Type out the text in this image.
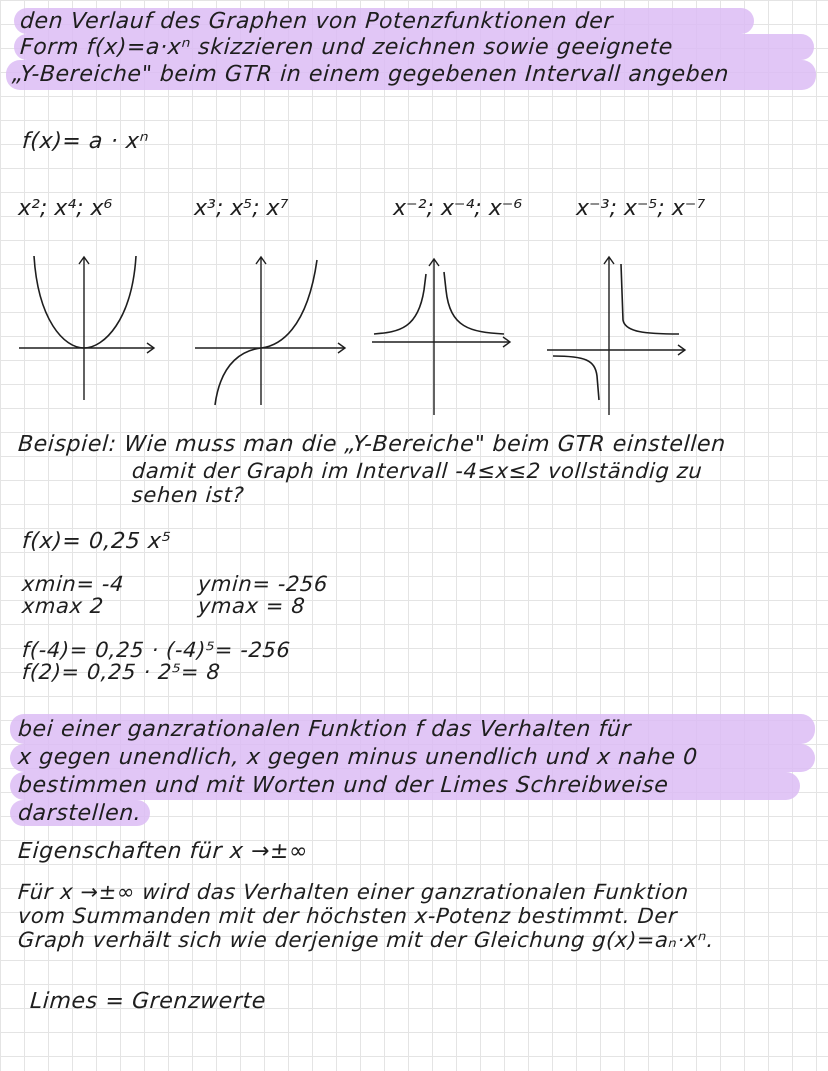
den Verlauf des Graphen von Potenzfunktionen der
Form f(x)=a·xⁿ skizzieren und zeichnen sowie geeignete
„Y-Bereiche" beim GTR in einem gegebenen Intervall angeben
f(x)= a · xⁿ
x²; x⁴; x⁶	x³; x⁵; x⁷	x⁻²; x⁻⁴; x⁻⁶ x⁻³; x⁻⁵; x⁻⁷
Beispiel: Wie muss man die „Y-Bereiche" beim GTR einstellen
damit der Graph im Intervall -4≤x≤2 vollständig zu
sehen ist?
f(x)= 0,25 x⁵
xmin= -4
xmax 2
ymin= -256
ymax = 8
f(-4)= 0,25 · (-4)⁵= -256
f(2)= 0,25 · 2⁵= 8
bei einer ganzrationalen Funktion f das Verhalten für
x gegen unendlich, x gegen minus unendlich und x nahe 0
bestimmen und mit Worten und der Limes Schreibweise
darstellen.
Eigenschaften für x →±∞
Für x →±∞ wird das Verhalten einer ganzrationalen Funktion
vom Summanden mit der höchsten x-Potenz bestimmt. Der
Graph verhält sich wie derjenige mit der Gleichung g(x)=aₙ·xⁿ.
Limes = Grenzwerte
